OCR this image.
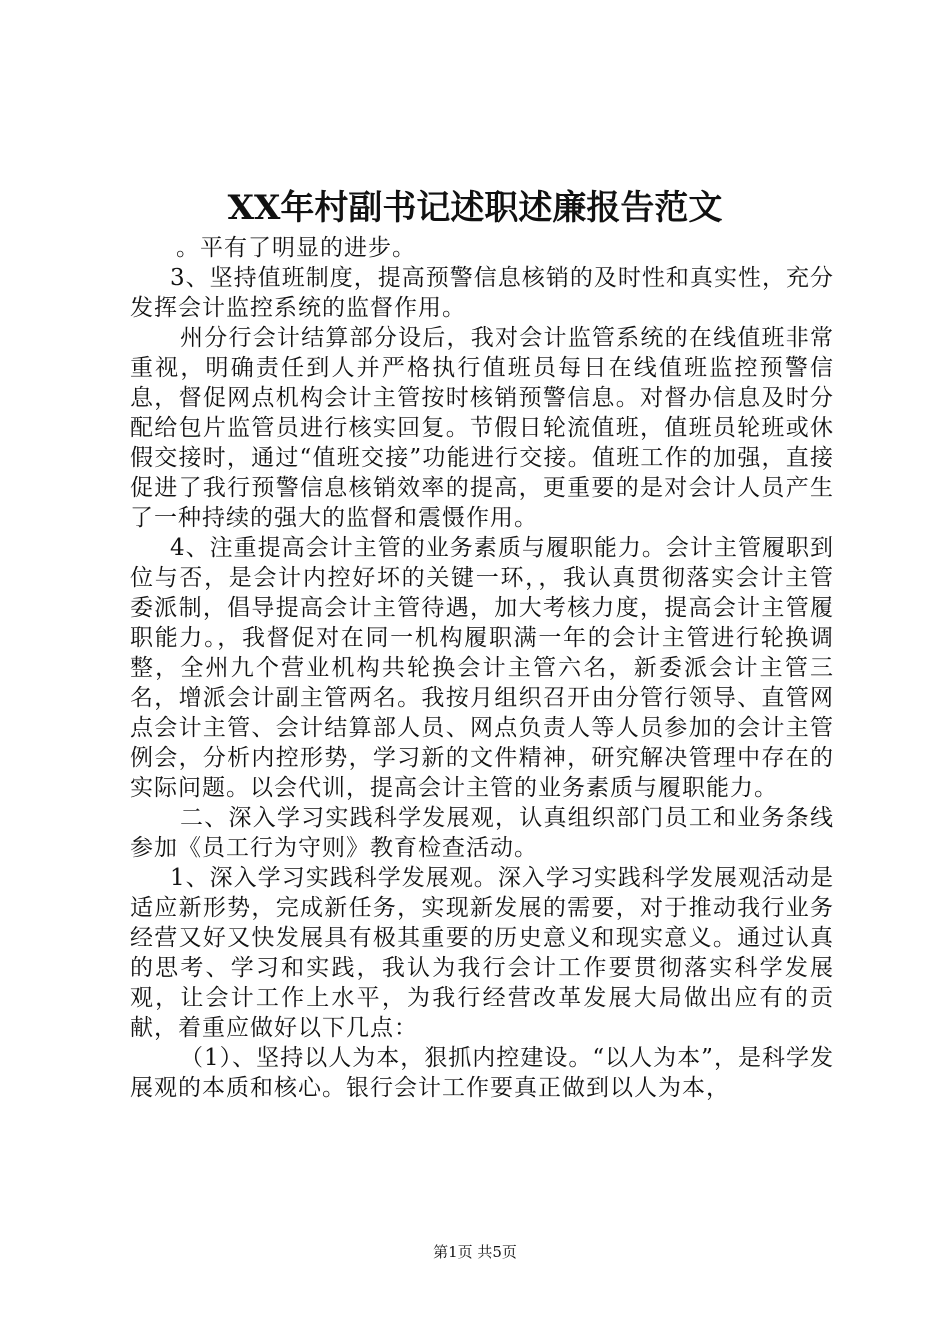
XX年村副书记述职述廉报告范文

。平有了明显的进步。

3、坚持值班制度，提高预警信息核销的及时性和真实性，充分发挥会计监控系统的监督作用。

州分行会计结算部分设后，我对会计监管系统的在线值班非常重视，明确责任到人并严格执行值班员每日在线值班监控预警信息，督促网点机构会计主管按时核销预警信息。对督办信息及时分配给包片监管员进行核实回复。节假日轮流值班，值班员轮班或休假交接时，通过“值班交接”功能进行交接。值班工作的加强，直接促进了我行预警信息核销效率的提高，更重要的是对会计人员产生了一种持续的强大的监督和震慑作用。

4、注重提高会计主管的业务素质与履职能力。会计主管履职到位与否，是会计内控好坏的关键一环，，我认真贯彻落实会计主管委派制，倡导提高会计主管待遇，加大考核力度，提高会计主管履职能力。，我督促对在同一机构履职满一年的会计主管进行轮换调整，全州九个营业机构共轮换会计主管六名，新委派会计主管三名，增派会计副主管两名。我按月组织召开由分管行领导、直管网点会计主管、会计结算部人员、网点负责人等人员参加的会计主管例会，分析内控形势，学习新的文件精神，研究解决管理中存在的实际问题。以会代训，提高会计主管的业务素质与履职能力。

二、深入学习实践科学发展观，认真组织部门员工和业务条线参加《员工行为守则》教育检查活动。

1、深入学习实践科学发展观。深入学习实践科学发展观活动是适应新形势，完成新任务，实现新发展的需要，对于推动我行业务经营又好又快发展具有极其重要的历史意义和现实意义。通过认真的思考、学习和实践，我认为我行会计工作要贯彻落实科学发展观，让会计工作上水平，为我行经营改革发展大局做出应有的贡献，着重应做好以下几点：

（1）、坚持以人为本，狠抓内控建设。“以人为本”，是科学发展观的本质和核心。银行会计工作要真正做到以人为本，

第1页 共5页
